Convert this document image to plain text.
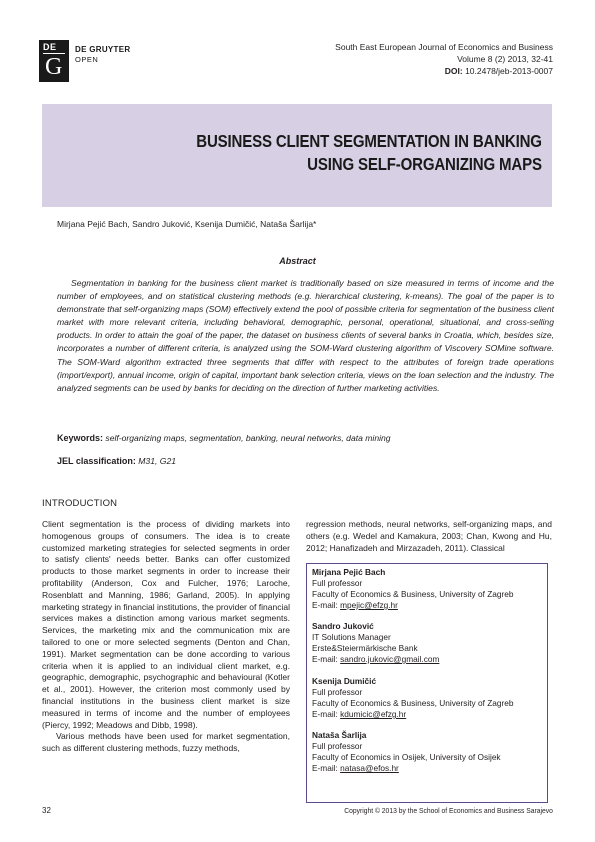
DE
G
DE GRUYTER
OPEN
South East European Journal of Economics and Business
Volume 8 (2) 2013, 32-41
DOI: 10.2478/jeb-2013-0007
BUSINESS CLIENT SEGMENTATION IN BANKING
USING SELF-ORGANIZING MAPS
Mirjana Pejić Bach, Sandro Juković, Ksenija Dumičić, Nataša Šarlija*
Abstract
Segmentation in banking for the business client market is traditionally based on size measured in terms of income and the number of employees, and on statistical clustering methods (e.g. hierarchical clustering, k-means). The goal of the paper is to demonstrate that self-organizing maps (SOM) effectively extend the pool of possible criteria for segmentation of the business client market with more relevant criteria, including behavioral, demographic, personal, operational, situational, and cross-selling products. In order to attain the goal of the paper, the dataset on business clients of several banks in Croatia, which, besides size, incorporates a number of different criteria, is analyzed using the SOM-Ward clustering algorithm of Viscovery SOMine software. The SOM-Ward algorithm extracted three segments that differ with respect to the attributes of foreign trade operations (import/export), annual income, origin of capital, important bank selection criteria, views on the loan selection and the industry. The analyzed segments can be used by banks for deciding on the direction of further marketing activities.
Keywords: self-organizing maps, segmentation, banking, neural networks, data mining
JEL classification: M31, G21
INTRODUCTION

Client segmentation is the process of dividing markets into homogenous groups of consumers. The idea is to create customized marketing strategies for selected segments in order to satisfy clients' needs better. Banks can offer customized products to those market segments in order to increase their profitability (Anderson, Cox and Fulcher, 1976; Laroche, Rosenblatt and Manning, 1986; Garland, 2005). In applying marketing strategy in financial institutions, the provider of financial services makes a distinction among various market segments. Services, the marketing mix and the communication mix are tailored to one or more selected segments (Denton and Chan, 1991). Market segmentation can be done according to various criteria when it is applied to an individual client market, e.g. geographic, demographic, psychographic and behavioural (Kotler et al., 2001). However, the criterion most commonly used by financial institutions in the business client market is size measured in terms of income and the number of employees (Piercy, 1992; Meadows and Dibb, 1998).

Various methods have been used for market segmentation, such as different clustering methods, fuzzy methods,

regression methods, neural networks, self-organizing maps, and others (e.g. Wedel and Kamakura, 2003; Chan, Kwong and Hu, 2012; Hanafizadeh and Mirzazadeh, 2011). Classical
Mirjana Pejić Bach
Full professor
Faculty of Economics & Business, University of Zagreb
E-mail: mpejic@efzg.hr
Sandro Juković
IT Solutions Manager
Erste&Steiermärkische Bank
E-mail: sandro.jukovic@gmail.com
Ksenija Dumičić
Full professor
Faculty of Economics & Business, University of Zagreb
E-mail: kdumicic@efzg.hr
Nataša Šarlija
Full professor
Faculty of Economics in Osijek, University of Osijek
E-mail: natasa@efos.hr
32	Copyright © 2013 by the School of Economics and Business Sarajevo
